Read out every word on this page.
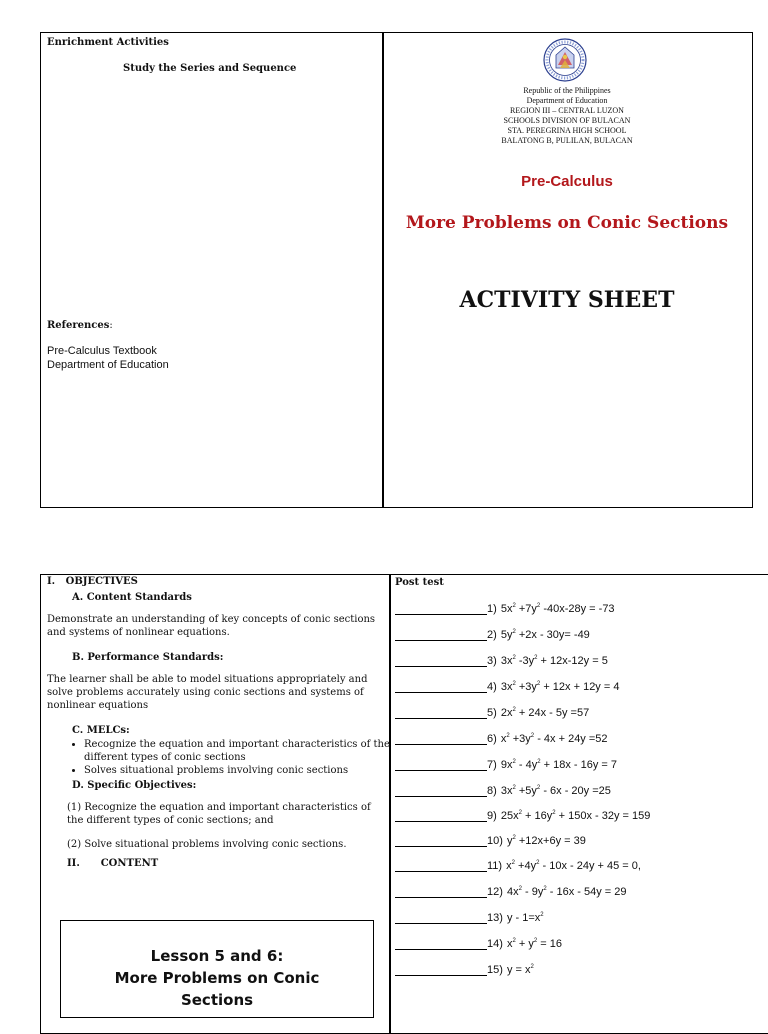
Enrichment Activities
Study the Series and Sequence
References:
Pre-Calculus Textbook
Department of Education
Republic of the Philippines
Department of Education
REGION III – CENTRAL LUZON
SCHOOLS DIVISION OF BULACAN
STA. PEREGRINA HIGH SCHOOL
BALATONG B, PULILAN, BULACAN
Pre-Calculus
More Problems on Conic Sections
ACTIVITY SHEET
I.   OBJECTIVES
A. Content Standards
Demonstrate an understanding of key concepts of conic sections and systems of nonlinear equations.
B. Performance Standards:
The learner shall be able to model situations appropriately and solve problems accurately using conic sections and systems of nonlinear equations
C. MELCs:
• Recognize the equation and important characteristics of the different types of conic sections
• Solves situational problems involving conic sections
D. Specific Objectives:
(1) Recognize the equation and important characteristics of the different types of conic sections; and
(2) Solve situational problems involving conic sections.
II.      CONTENT
Lesson 5 and 6:
More Problems on Conic Sections
Post test
1) $5x^2 +7y^2$ -40x-28y = -73
2) $5y^2 +2x - 30y= -49$
3) $3x^2$ $-3y^2 + 12x-12y = 5$
4) $3x^2 +3y^2 + 12x + 12y = 4$
5) $2x^2 + 24x - 5y =57$
6) $x^2 +3y^2 - 4x + 24y =52$
7) $9x^2 - 4y^2 + 18x - 16y = 7$
8) $3x^2 +5y^2 - 6x - 20y =25$
9) $25x^2 + 16y^2 + 150x - 32y = 159$
10) $y^2 +12x+6y = 39$
11) $x^2 +4y^2 - 10x - 24y + 45 = 0$,
12) $4x^2 - 9y^2 - 16x - 54y = 29$
13) $y - 1=x^2$
14) $x^2 + y^2 = 16$
15) $y = x^2$
